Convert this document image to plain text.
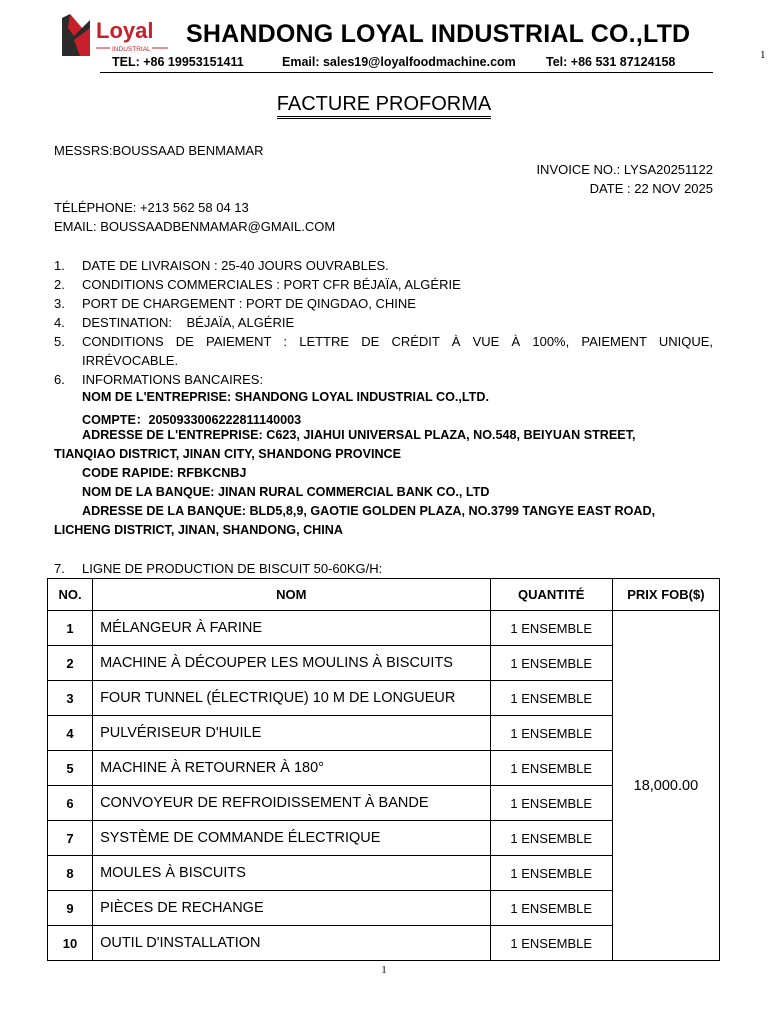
Loyal
INDUSTRIAL
SHANDONG LOYAL INDUSTRIAL CO.,LTD
TEL: +86 19953151411	Email: sales19@loyalfoodmachine.com Tel: +86 531 87124158	1
FACTURE PROFORMA
MESSRS:BOUSSAAD BENMAMAR
INVOICE NO.: LYSA20251122
DATE : 22 NOV 2025
TÉLÉPHONE: +213 562 58 04 13
EMAIL: BOUSSAADBENMAMAR@GMAIL.COM
1. DATE DE LIVRAISON : 25-40 JOURS OUVRABLES.
2. CONDITIONS COMMERCIALES : PORT CFR BÉJAÏA, ALGÉRIE
3. PORT DE CHARGEMENT : PORT DE QINGDAO, CHINE
4. DESTINATION:    BÉJAÏA, ALGÉRIE
5.	CONDITIONS DE PAIEMENT : LETTRE DE CRÉDIT À VUE À 100%, PAIEMENT UNIQUE,
IRRÉVOCABLE.
6. INFORMATIONS BANCAIRES:
NOM DE L'ENTREPRISE: SHANDONG LOYAL INDUSTRIAL CO.,LTD.
COMPTE：2050933006222811140003
ADRESSE DE L'ENTREPRISE: C623, JIAHUI UNIVERSAL PLAZA, NO.548, BEIYUAN STREET,
TIANQIAO DISTRICT, JINAN CITY, SHANDONG PROVINCE
CODE RAPIDE: RFBKCNBJ
NOM DE LA BANQUE: JINAN RURAL COMMERCIAL BANK CO., LTD
ADRESSE DE LA BANQUE: BLD5,8,9, GAOTIE GOLDEN PLAZA, NO.3799 TANGYE EAST ROAD,
LICHENG DISTRICT, JINAN, SHANDONG, CHINA
7. LIGNE DE PRODUCTION DE BISCUIT 50-60KG/H:
NO.	NOM	QUANTITÉ	PRIX FOB($)
1	MÉLANGEUR À FARINE	1 ENSEMBLE	18,000.00
2	MACHINE À DÉCOUPER LES MOULINS À BISCUITS	1 ENSEMBLE	
3	FOUR TUNNEL (ÉLECTRIQUE) 10 M DE LONGUEUR	1 ENSEMBLE	
4	PULVÉRISEUR D'HUILE	1 ENSEMBLE	
5	MACHINE À RETOURNER À 180°	1 ENSEMBLE	
6	CONVOYEUR DE REFROIDISSEMENT À BANDE	1 ENSEMBLE	
7	SYSTÈME DE COMMANDE ÉLECTRIQUE	1 ENSEMBLE	
8	MOULES À BISCUITS	1 ENSEMBLE	
9	PIÈCES DE RECHANGE	1 ENSEMBLE	
10	OUTIL D'INSTALLATION	1 ENSEMBLE	
1
